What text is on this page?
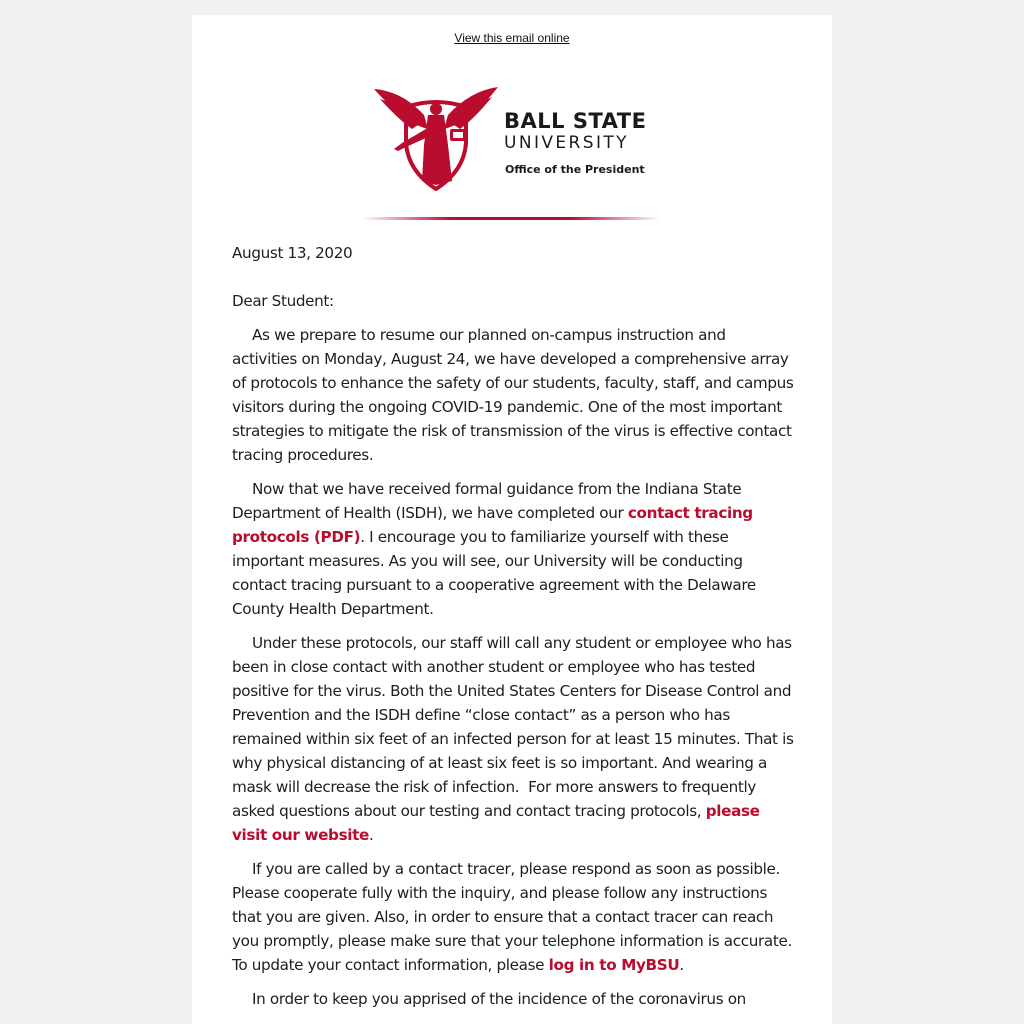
View this email online
BALL STATE
UNIVERSITY
Office of the President

August 13, 2020

Dear Student:

As we prepare to resume our planned on-campus instruction and activities on Monday, August 24, we have developed a comprehensive array of protocols to enhance the safety of our students, faculty, staff, and campus visitors during the ongoing COVID-19 pandemic. One of the most important strategies to mitigate the risk of transmission of the virus is effective contact tracing procedures.

Now that we have received formal guidance from the Indiana State Department of Health (ISDH), we have completed our contact tracing protocols (PDF). I encourage you to familiarize yourself with these important measures. As you will see, our University will be conducting contact tracing pursuant to a cooperative agreement with the Delaware County Health Department.

Under these protocols, our staff will call any student or employee who has been in close contact with another student or employee who has tested positive for the virus. Both the United States Centers for Disease Control and Prevention and the ISDH define “close contact” as a person who has remained within six feet of an infected person for at least 15 minutes. That is why physical distancing of at least six feet is so important. And wearing a mask will decrease the risk of infection.  For more answers to frequently asked questions about our testing and contact tracing protocols, please visit our website.

If you are called by a contact tracer, please respond as soon as possible. Please cooperate fully with the inquiry, and please follow any instructions that you are given. Also, in order to ensure that a contact tracer can reach you promptly, please make sure that your telephone information is accurate. To update your contact information, please log in to MyBSU.

In order to keep you apprised of the incidence of the coronavirus on
